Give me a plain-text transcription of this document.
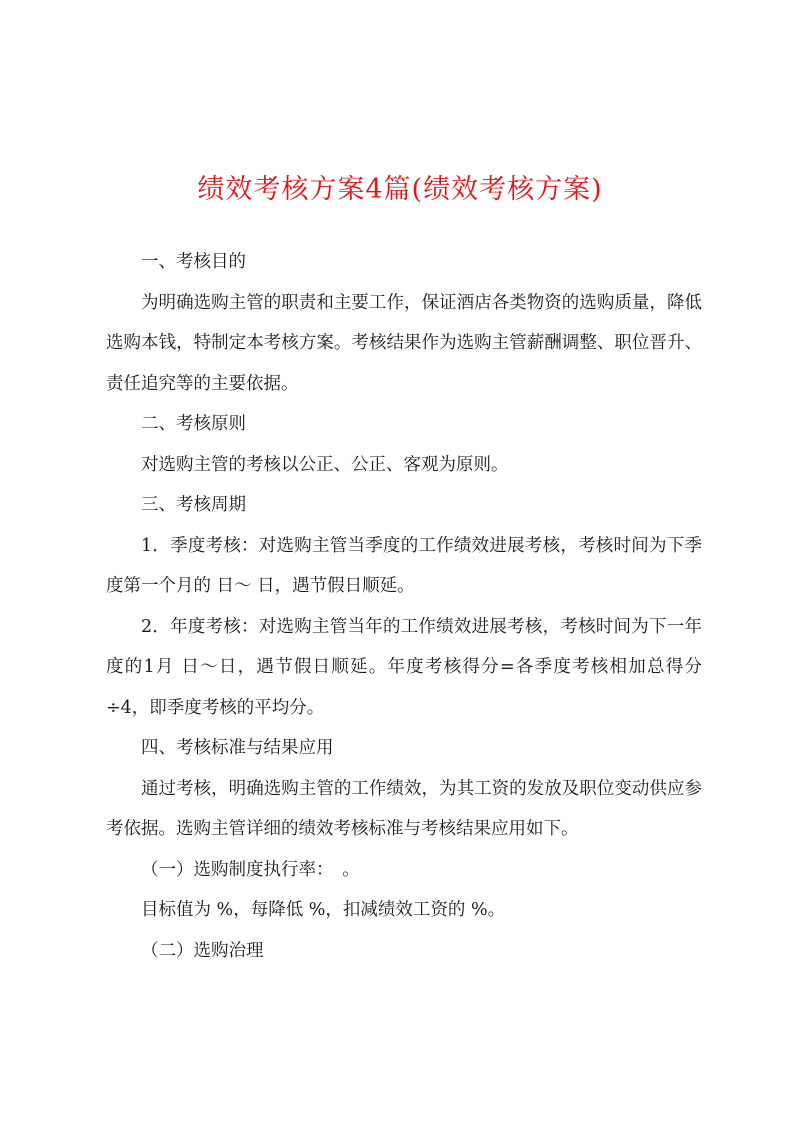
绩效考核方案4篇(绩效考核方案)

一、考核目的

为明确选购主管的职责和主要工作，保证酒店各类物资的选购质量，降低选购本钱，特制定本考核方案。考核结果作为选购主管薪酬调整、职位晋升、责任追究等的主要依据。

二、考核原则

对选购主管的考核以公正、公正、客观为原则。

三、考核周期

1．季度考核：对选购主管当季度的工作绩效进展考核，考核时间为下季度第一个月的 日～ 日，遇节假日顺延。

2．年度考核：对选购主管当年的工作绩效进展考核，考核时间为下一年度的1月 日～日，遇节假日顺延。年度考核得分=各季度考核相加总得分÷4，即季度考核的平均分。

四、考核标准与结果应用

通过考核，明确选购主管的工作绩效，为其工资的发放及职位变动供应参考依据。选购主管详细的绩效考核标准与考核结果应用如下。

（一）选购制度执行率：　。

目标值为 %，每降低 %，扣减绩效工资的 %。

（二）选购治理
